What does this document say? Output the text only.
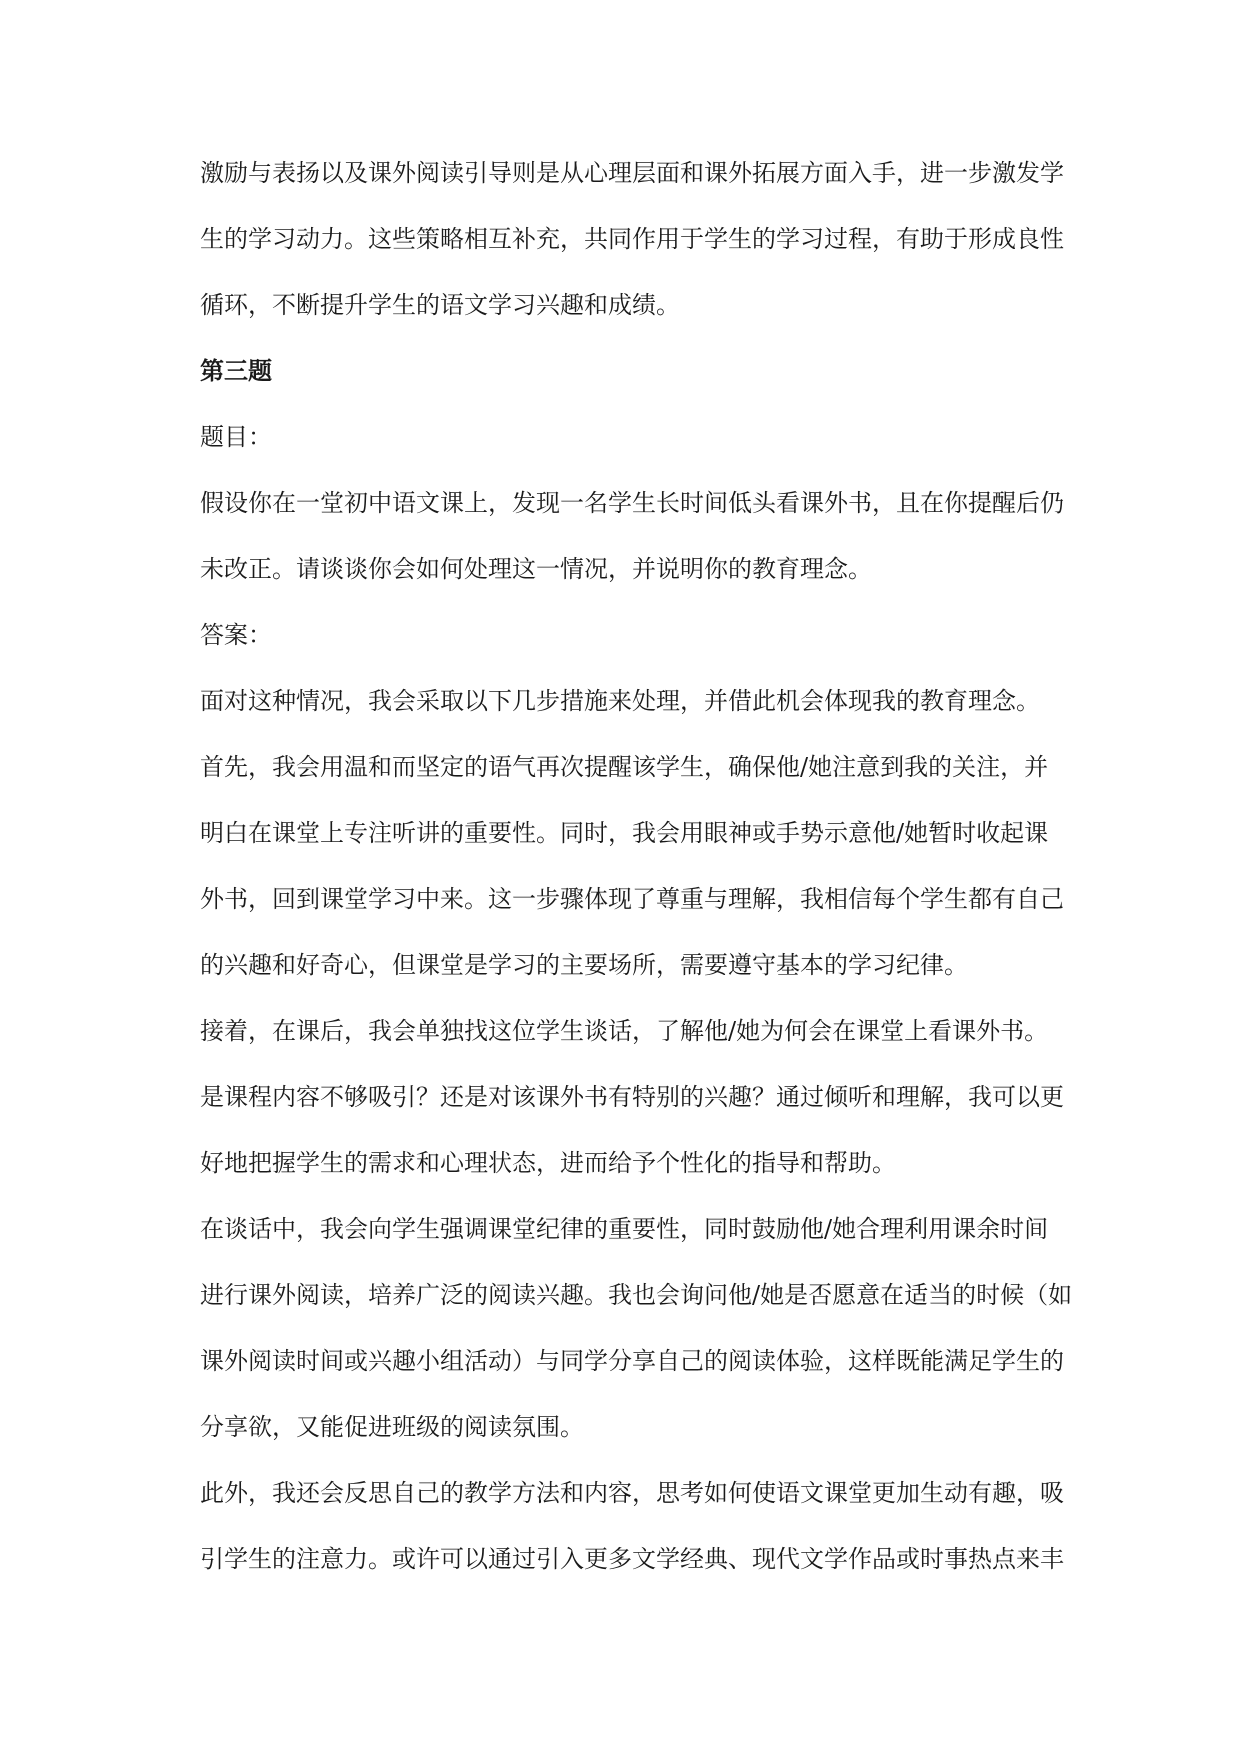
激励与表扬以及课外阅读引导则是从心理层面和课外拓展方面入手，进一步激发学
生的学习动力。这些策略相互补充，共同作用于学生的学习过程，有助于形成良性
循环，不断提升学生的语文学习兴趣和成绩。
第三题
题目：
假设你在一堂初中语文课上，发现一名学生长时间低头看课外书，且在你提醒后仍
未改正。请谈谈你会如何处理这一情况，并说明你的教育理念。
答案：
面对这种情况，我会采取以下几步措施来处理，并借此机会体现我的教育理念。
首先，我会用温和而坚定的语气再次提醒该学生，确保他/她注意到我的关注，并
明白在课堂上专注听讲的重要性。同时，我会用眼神或手势示意他/她暂时收起课
外书，回到课堂学习中来。这一步骤体现了尊重与理解，我相信每个学生都有自己
的兴趣和好奇心，但课堂是学习的主要场所，需要遵守基本的学习纪律。
接着，在课后，我会单独找这位学生谈话，了解他/她为何会在课堂上看课外书。
是课程内容不够吸引？还是对该课外书有特别的兴趣？通过倾听和理解，我可以更
好地把握学生的需求和心理状态，进而给予个性化的指导和帮助。
在谈话中，我会向学生强调课堂纪律的重要性，同时鼓励他/她合理利用课余时间
进行课外阅读，培养广泛的阅读兴趣。我也会询问他/她是否愿意在适当的时候（如
课外阅读时间或兴趣小组活动）与同学分享自己的阅读体验，这样既能满足学生的
分享欲，又能促进班级的阅读氛围。
此外，我还会反思自己的教学方法和内容，思考如何使语文课堂更加生动有趣，吸
引学生的注意力。或许可以通过引入更多文学经典、现代文学作品或时事热点来丰
